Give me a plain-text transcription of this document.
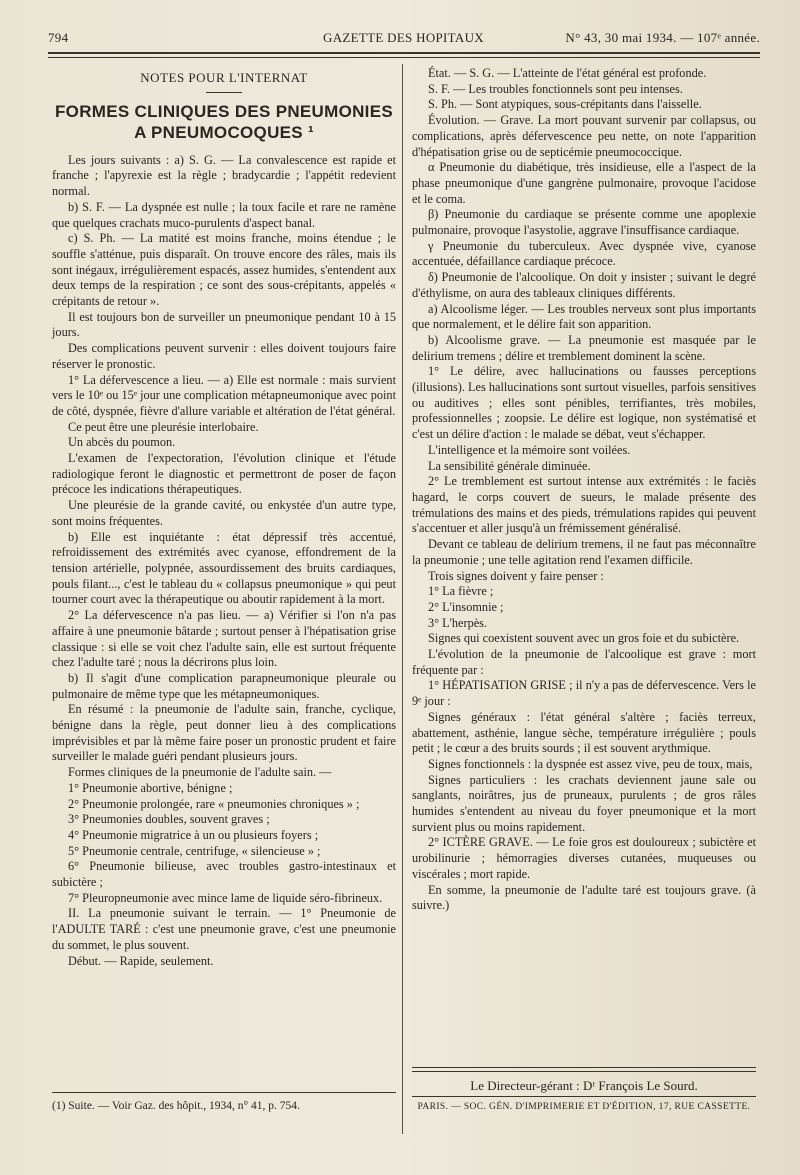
794	GAZETTE DES HOPITAUX	N° 43, 30 mai 1934. — 107ᵉ année.

NOTES POUR L'INTERNAT

FORMES CLINIQUES DES PNEUMONIES
A PNEUMOCOQUES ¹

Les jours suivants : a) S. G. — La convalescence est rapide et franche ; l'apyrexie est la règle ; bradycardie ; l'appétit redevient normal.

b) S. F. — La dyspnée est nulle ; la toux facile et rare ne ramène que quelques crachats muco-purulents d'aspect banal.

c) S. Ph. — La matité est moins franche, moins étendue ; le souffle s'atténue, puis disparaît. On trouve encore des râles, mais ils sont inégaux, irrégulièrement espacés, assez humides, s'entendent aux deux temps de la respiration ; ce sont des sous-crépitants, appelés « crépitants de retour ».

Il est toujours bon de surveiller un pneumonique pendant 10 à 15 jours.

Des complications peuvent survenir : elles doivent toujours faire réserver le pronostic.

1° La défervescence a lieu. — a) Elle est normale : mais survient vers le 10ᵉ ou 15ᵉ jour une complication métapneumonique avec point de côté, dyspnée, fièvre d'allure variable et altération de l'état général.

Ce peut être une pleurésie interlobaire.

Un abcès du poumon.

L'examen de l'expectoration, l'évolution clinique et l'étude radiologique feront le diagnostic et permettront de poser de façon précoce les indications thérapeutiques.

Une pleurésie de la grande cavité, ou enkystée d'un autre type, sont moins fréquentes.

b) Elle est inquiétante : état dépressif très accentué, refroidissement des extrémités avec cyanose, effondrement de la tension artérielle, polypnée, assourdissement des bruits cardiaques, pouls filant..., c'est le tableau du « collapsus pneumonique » qui peut tourner court avec la thérapeutique ou aboutir rapidement à la mort.

2° La défervescence n'a pas lieu. — a) Vérifier si l'on n'a pas affaire à une pneumonie bâtarde ; surtout penser à l'hépatisation grise classique : si elle se voit chez l'adulte sain, elle est surtout fréquente chez l'adulte taré ; nous la décrirons plus loin.

b) Il s'agit d'une complication parapneumonique pleurale ou pulmonaire de même type que les métapneumoniques.

En résumé : la pneumonie de l'adulte sain, franche, cyclique, bénigne dans la règle, peut donner lieu à des complications imprévisibles et par là même faire poser un pronostic prudent et faire surveiller le malade guéri pendant plusieurs jours.

Formes cliniques de la pneumonie de l'adulte sain. —

1° Pneumonie abortive, bénigne ;

2° Pneumonie prolongée, rare « pneumonies chroniques » ;

3° Pneumonies doubles, souvent graves ;

4° Pneumonie migratrice à un ou plusieurs foyers ;

5° Pneumonie centrale, centrifuge, « silencieuse » ;

6° Pneumonie bilieuse, avec troubles gastro-intestinaux et subictère ;

7° Pleuropneumonie avec mince lame de liquide séro-fibrineux.

II. La pneumonie suivant le terrain. — 1° Pneumonie de l'ADULTE TARÉ : c'est une pneumonie grave, c'est une pneumonie du sommet, le plus souvent.

Début. — Rapide, seulement.

État. — S. G. — L'atteinte de l'état général est profonde.

S. F. — Les troubles fonctionnels sont peu intenses.

S. Ph. — Sont atypiques, sous-crépitants dans l'aisselle.

Évolution. — Grave. La mort pouvant survenir par collapsus, ou complications, après défervescence peu nette, on note l'apparition d'hépatisation grise ou de septicémie pneumococcique.

α Pneumonie du diabétique, très insidieuse, elle a l'aspect de la phase pneumonique d'une gangrène pulmonaire, provoque l'acidose et le coma.

β) Pneumonie du cardiaque se présente comme une apoplexie pulmonaire, provoque l'asystolie, aggrave l'insuffisance cardiaque.

γ Pneumonie du tuberculeux. Avec dyspnée vive, cyanose accentuée, défaillance cardiaque précoce.

δ) Pneumonie de l'alcoolique. On doit y insister ; suivant le degré d'éthylisme, on aura des tableaux cliniques différents.

a) Alcoolisme léger. — Les troubles nerveux sont plus importants que normalement, et le délire fait son apparition.

b) Alcoolisme grave. — La pneumonie est masquée par le delirium tremens ; délire et tremblement dominent la scène.

1° Le délire, avec hallucinations ou fausses perceptions (illusions). Les hallucinations sont surtout visuelles, parfois sensitives ou auditives ; elles sont pénibles, terrifiantes, très mobiles, professionnelles ; zoopsie. Le délire est logique, non systématisé et c'est un délire d'action : le malade se débat, veut s'échapper.

L'intelligence et la mémoire sont voilées.

La sensibilité générale diminuée.

2° Le tremblement est surtout intense aux extrémités : le faciès hagard, le corps couvert de sueurs, le malade présente des trémulations des mains et des pieds, trémulations rapides qui peuvent s'accentuer et aller jusqu'à un frémissement généralisé.

Devant ce tableau de delirium tremens, il ne faut pas méconnaître la pneumonie ; une telle agitation rend l'examen difficile.

Trois signes doivent y faire penser :

1° La fièvre ;

2° L'insomnie ;

3° L'herpès.

Signes qui coexistent souvent avec un gros foie et du subictère.

L'évolution de la pneumonie de l'alcoolique est grave : mort fréquente par :

1° HÉPATISATION GRISE ; il n'y a pas de défervescence. Vers le 9ᵉ jour :

Signes généraux : l'état général s'altère ; faciès terreux, abattement, asthénie, langue sèche, température irrégulière ; pouls petit ; le cœur a des bruits sourds ; il est souvent arythmique.

Signes fonctionnels : la dyspnée est assez vive, peu de toux, mais,

Signes particuliers : les crachats deviennent jaune sale ou sanglants, noirâtres, jus de pruneaux, purulents ; de gros râles humides s'entendent au niveau du foyer pneumonique et la mort survient plus ou moins rapidement.

2° ICTÈRE GRAVE. — Le foie gros est douloureux ; subictère et urobilinurie ; hémorragies diverses cutanées, muqueuses ou viscérales ; mort rapide.

En somme, la pneumonie de l'adulte taré est toujours grave. (à suivre.)

Le Directeur-gérant : Dʳ François Le Sourd.
PARIS. — SOC. GÉN. D'IMPRIMERIE ET D'ÉDITION, 17, RUE CASSETTE.
(1) Suite. — Voir Gaz. des hôpit., 1934, n° 41, p. 754.
